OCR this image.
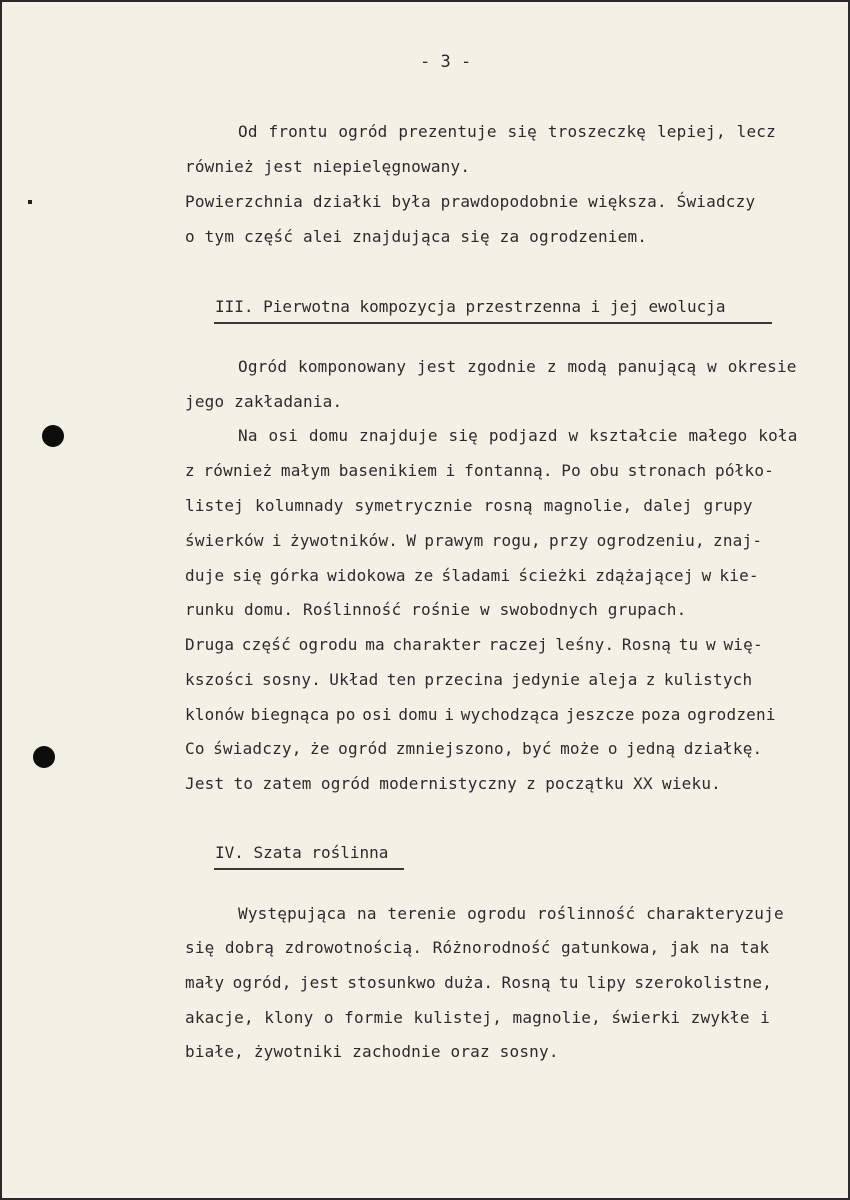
- 3 -
Od frontu ogród prezentuje się troszeczkę lepiej, lecz
również jest niepielęgnowany.
Powierzchnia działki była prawdopodobnie większa. Świadczy
o tym część alei znajdująca się za ogrodzeniem.
III. Pierwotna kompozycja przestrzenna i jej ewolucja
Ogród komponowany jest zgodnie z modą panującą w okresie
jego zakładania.
Na osi domu znajduje się podjazd w kształcie małego koła
z również małym basenikiem i fontanną. Po obu stronach półko-
listej kolumnady symetrycznie rosną magnolie, dalej grupy
świerków i żywotników. W prawym rogu, przy ogrodzeniu, znaj-
duje się górka widokowa ze śladami ścieżki zdążającej w kie-
runku domu. Roślinność rośnie w swobodnych grupach.
Druga część ogrodu ma charakter raczej leśny. Rosną tu w wię-
kszości sosny. Układ ten przecina jedynie aleja z kulistych
klonów biegnąca po osi domu i wychodząca jeszcze poza ogrodzeni
Co świadczy, że ogród zmniejszono, być może o jedną działkę.
Jest to zatem ogród modernistyczny z początku XX wieku.
IV. Szata roślinna
Występująca na terenie ogrodu roślinność charakteryzuje
się dobrą zdrowotnością. Różnorodność gatunkowa, jak na tak
mały ogród, jest stosunkwo duża. Rosną tu lipy szerokolistne,
akacje, klony o formie kulistej, magnolie, świerki zwykłe i
białe, żywotniki zachodnie oraz sosny.
